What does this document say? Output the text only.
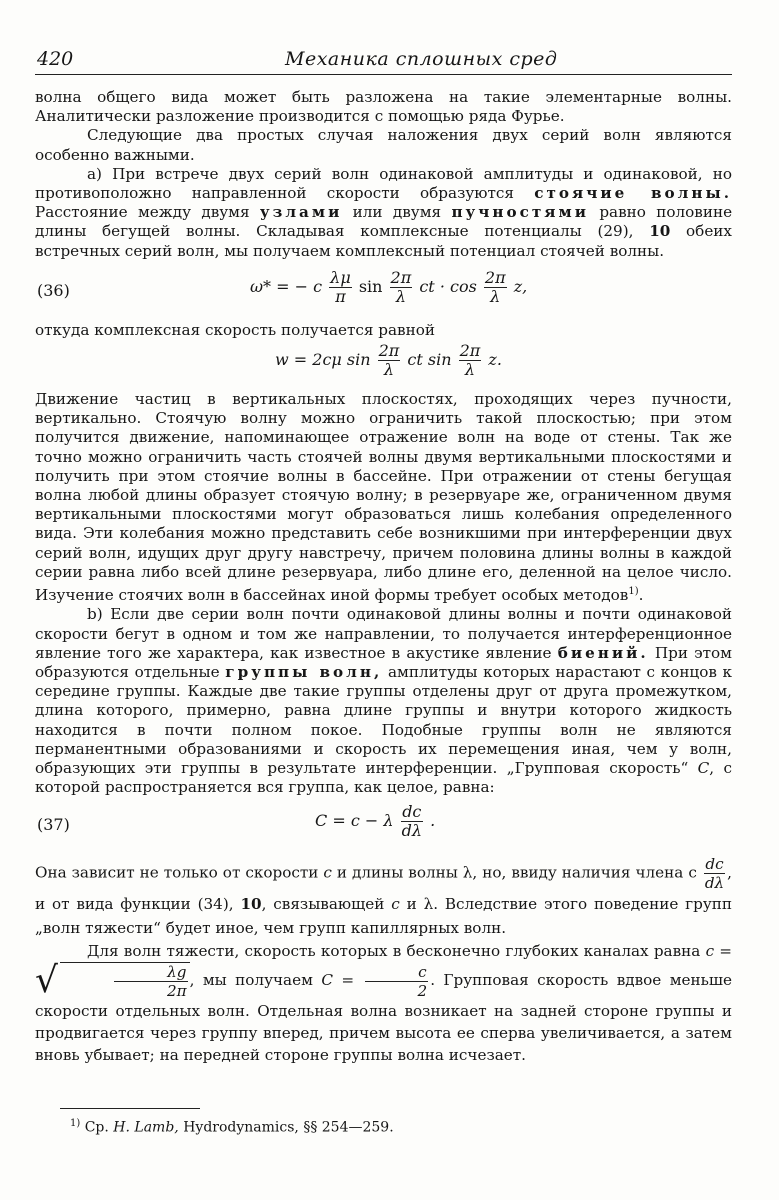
420	Механика сплошных сред

волна общего вида может быть разложена на такие элементарные волны. Аналитически разложение производится с помощью ряда Фурье.

Следующие два простых случая наложения двух серий волн являются особенно важными.

а) При встрече двух серий волн одинаковой амплитуды и одинаковой, но противоположно направленной скорости образуются стоячие волны. Расстояние между двумя узлами или двумя пучностями равно половине длины бегущей волны. Складывая комплексные потенциалы (29), 10 обеих встречных серий волн, мы получаем комплексный потенциал стоячей волны.

(36)	ω* = − c $\frac{\lambda\mu}{\pi}$ $\sin \frac{2\pi}{\lambda}$ ct · $\cos \frac{2\pi}{\lambda} z$,

откуда комплексная скорость получается равной

w = 2cμ $\sin \frac{2\pi}{\lambda}$ ct $\sin \frac{2\pi}{\lambda} z$.

Движение частиц в вертикальных плоскостях, проходящих через пучности, вертикально. Стоячую волну можно ограничить такой плоскостью; при этом получится движение, напоминающее отражение волн на воде от стены. Так же точно можно ограничить часть стоячей волны двумя вертикальными плоскостями и получить при этом стоячие волны в бассейне. При отражении от стены бегущая волна любой длины образует стоячую волну; в резервуаре же, ограниченном двумя вертикальными плоскостями могут образоваться лишь колебания определенного вида. Эти колебания можно представить себе возникшими при интерференции двух серий волн, идущих друг другу навстречу, причем половина длины волны в каждой серии равна либо всей длине резервуара, либо длине его, деленной на целое число. Изучение стоячих волн в бассейнах иной формы требует особых методов$^{1)}$.

b) Если две серии волн почти одинаковой длины волны и почти одинаковой скорости бегут в одном и том же направлении, то получается интерференционное явление того же характера, как известное в акустике явление биений. При этом образуются отдельные группы волн, амплитуды которых нарастают с концов к середине группы. Каждые две такие группы отделены друг от друга промежутком, длина которого, примерно, равна длине группы и внутри которого жидкость находится в почти полном покое. Подобные группы волн не являются перманентными образованиями и скорость их перемещения иная, чем у волн, образующих эти группы в результате интерференции. „Групповая скорость“ C, с которой распространяется вся группа, как целое, равна:

(37)	C = c − λ $\frac{dc}{d\lambda}$ .

Она зависит не только от скорости c и длины волны λ, но, ввиду наличия члена с $\frac{dc}{d\lambda}$ , и от вида функции (34), 10, связывающей c и λ. Вследствие этого поведение групп „волн тяжести“ будет иное, чем групп капиллярных волн.

Для волн тяжести, скорость которых в бесконечно глубоких каналах равна c = √	$\frac{\lambda g}{2\pi}$ , мы получаем $C = \frac{c}{2}$ . Групповая скорость вдвое меньше скорости отдельных волн. Отдельная волна возникает на задней стороне группы и продвигается через группу вперед, причем высота ее сперва увеличивается, а затем вновь убывает; на передней стороне группы волна исчезает.

$^{1)}$ Ср. H. Lamb, Hydrodynamics, §§ 254—259.
